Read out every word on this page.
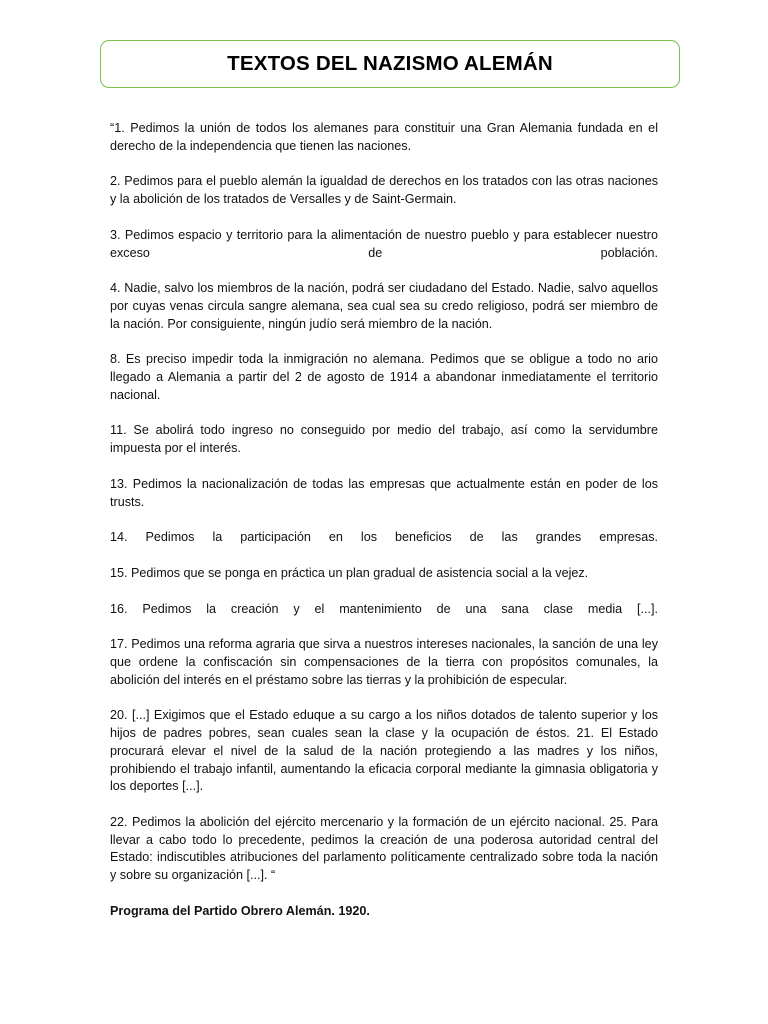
TEXTOS DEL NAZISMO ALEMÁN

“1. Pedimos la unión de todos los alemanes para constituir una Gran Alemania fundada en el derecho de la independencia que tienen las naciones.

2. Pedimos para el pueblo alemán la igualdad de derechos en los tratados con las otras naciones y la abolición de los tratados de Versalles y de Saint-Germain.

3. Pedimos espacio y territorio para la alimentación de nuestro pueblo y para establecer nuestro exceso de población.

4. Nadie, salvo los miembros de la nación, podrá ser ciudadano del Estado. Nadie, salvo aquellos por cuyas venas circula sangre alemana, sea cual sea su credo religioso, podrá ser miembro de la nación. Por consiguiente, ningún judío será miembro de la nación.

8. Es preciso impedir toda la inmigración no alemana. Pedimos que se obligue a todo no ario llegado a Alemania a partir del 2 de agosto de 1914 a abandonar inmediatamente el territorio nacional.

11. Se abolirá todo ingreso no conseguido por medio del trabajo, así como la servidumbre impuesta por el interés.

13. Pedimos la nacionalización de todas las empresas que actualmente están en poder de los trusts.

14. Pedimos la participación en los beneficios de las grandes empresas.

15. Pedimos que se ponga en práctica un plan gradual de asistencia social a la vejez.

16. Pedimos la creación y el mantenimiento de una sana clase media [...].

17. Pedimos una reforma agraria que sirva a nuestros intereses nacionales, la sanción de una ley que ordene la confiscación sin compensaciones de la tierra con propósitos comunales, la abolición del interés en el préstamo sobre las tierras y la prohibición de especular.

20. [...] Exigimos que el Estado eduque a su cargo a los niños dotados de talento superior y los hijos de padres pobres, sean cuales sean la clase y la ocupación de éstos. 21. El Estado procurará elevar el nivel de la salud de la nación protegiendo a las madres y los niños, prohibiendo el trabajo infantil, aumentando la eficacia corporal mediante la gimnasia obligatoria y los deportes [...].

22. Pedimos la abolición del ejército mercenario y la formación de un ejército nacional. 25. Para llevar a cabo todo lo precedente, pedimos la creación de una poderosa autoridad central del Estado: indiscutibles atribuciones del parlamento políticamente centralizado sobre toda la nación y sobre su organización [...]. “

Programa del Partido Obrero Alemán. 1920.
